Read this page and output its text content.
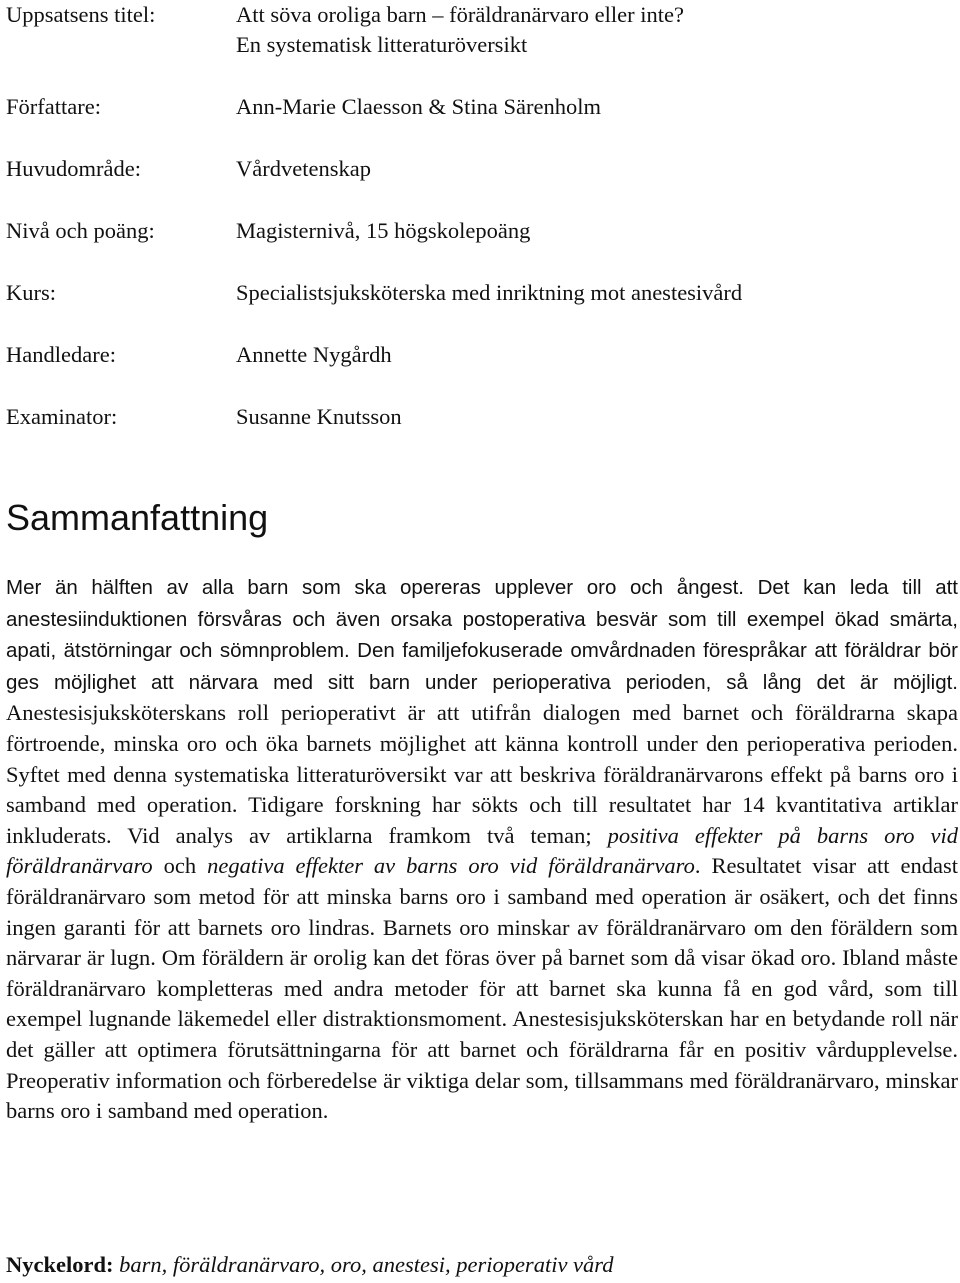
Uppsatsens titel:	Att söva oroliga barn – föräldranärvaro eller inte?
En systematisk litteraturöversikt
Författare:	Ann-Marie Claesson & Stina Särenholm
Huvudområde:	Vårdvetenskap
Nivå och poäng:	Magisternivå, 15 högskolepoäng
Kurs:	Specialistsjuksköterska med inriktning mot anestesivård
Handledare:	Annette Nygårdh
Examinator:	Susanne Knutsson
Sammanfattning

Mer än hälften av alla barn som ska opereras upplever oro och ångest. Det kan leda till att anestesiinduktionen försvåras och även orsaka postoperativa besvär som till exempel ökad smärta, apati, ätstörningar och sömnproblem. Den familjefokuserade omvårdnaden förespråkar att föräldrar bör ges möjlighet att närvara med sitt barn under perioperativa perioden, så lång det är möjligt. Anestesisjuksköterskans roll perioperativt är att utifrån dialogen med barnet och föräldrarna skapa förtroende, minska oro och öka barnets möjlighet att känna kontroll under den perioperativa perioden. Syftet med denna systematiska litteraturöversikt var att beskriva föräldranärvarons effekt på barns oro i samband med operation. Tidigare forskning har sökts och till resultatet har 14 kvantitativa artiklar inkluderats. Vid analys av artiklarna framkom två teman; positiva effekter på barns oro vid föräldranärvaro och negativa effekter av barns oro vid föräldranärvaro. Resultatet visar att endast föräldranärvaro som metod för att minska barns oro i samband med operation är osäkert, och det finns ingen garanti för att barnets oro lindras. Barnets oro minskar av föräldranärvaro om den föräldern som närvarar är lugn. Om föräldern är orolig kan det föras över på barnet som då visar ökad oro. Ibland måste föräldranärvaro kompletteras med andra metoder för att barnet ska kunna få en god vård, som till exempel lugnande läkemedel eller distraktionsmoment. Anestesisjuksköterskan har en betydande roll när det gäller att optimera förutsättningarna för att barnet och föräldrarna får en positiv vårdupplevelse. Preoperativ information och förberedelse är viktiga delar som, tillsammans med föräldranärvaro, minskar barns oro i samband med operation.

Nyckelord: barn, föräldranärvaro, oro, anestesi, perioperativ vård
